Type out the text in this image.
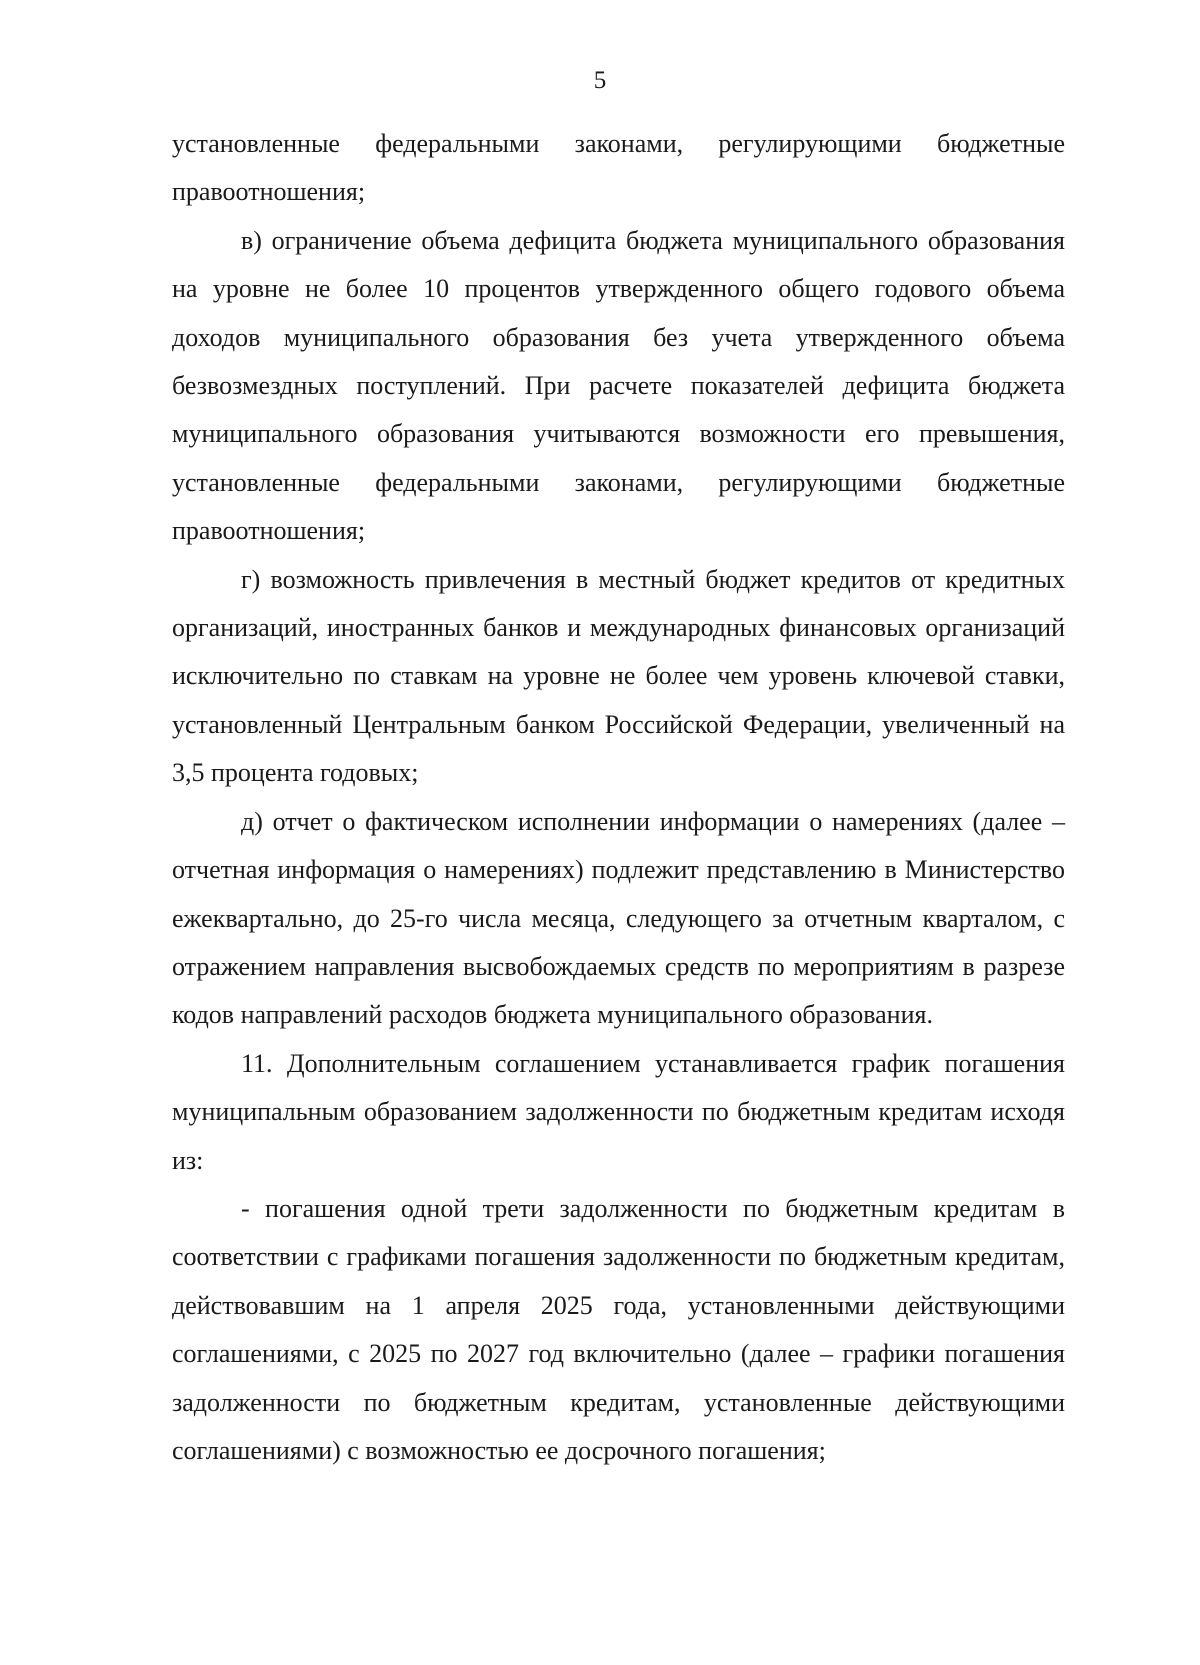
5

установленные федеральными законами, регулирующими бюджетные правоотношения;

в) ограничение объема дефицита бюджета муниципального образования на уровне не более 10 процентов утвержденного общего годового объема доходов муниципального образования без учета утвержденного объема безвозмездных поступлений. При расчете показателей дефицита бюджета муниципального образования учитываются возможности его превышения, установленные федеральными законами, регулирующими бюджетные правоотношения;

г) возможность привлечения в местный бюджет кредитов от кредитных организаций, иностранных банков и международных финансовых организаций исключительно по ставкам на уровне не более чем уровень ключевой ставки, установленный Центральным банком Российской Федерации, увеличенный на 3,5 процента годовых;

д) отчет о фактическом исполнении информации о намерениях (далее – отчетная информация о намерениях) подлежит представлению в Министерство ежеквартально, до 25-го числа месяца, следующего за отчетным кварталом, с отражением направления высвобождаемых средств по мероприятиям в разрезе кодов направлений расходов бюджета муниципального образования.

11. Дополнительным соглашением устанавливается график погашения муниципальным образованием задолженности по бюджетным кредитам исходя из:

- погашения одной трети задолженности по бюджетным кредитам в соответствии с графиками погашения задолженности по бюджетным кредитам, действовавшим на 1 апреля 2025 года, установленными действующими соглашениями, с 2025 по 2027 год включительно (далее – графики погашения задолженности по бюджетным кредитам, установленные действующими соглашениями) с возможностью ее досрочного погашения;
